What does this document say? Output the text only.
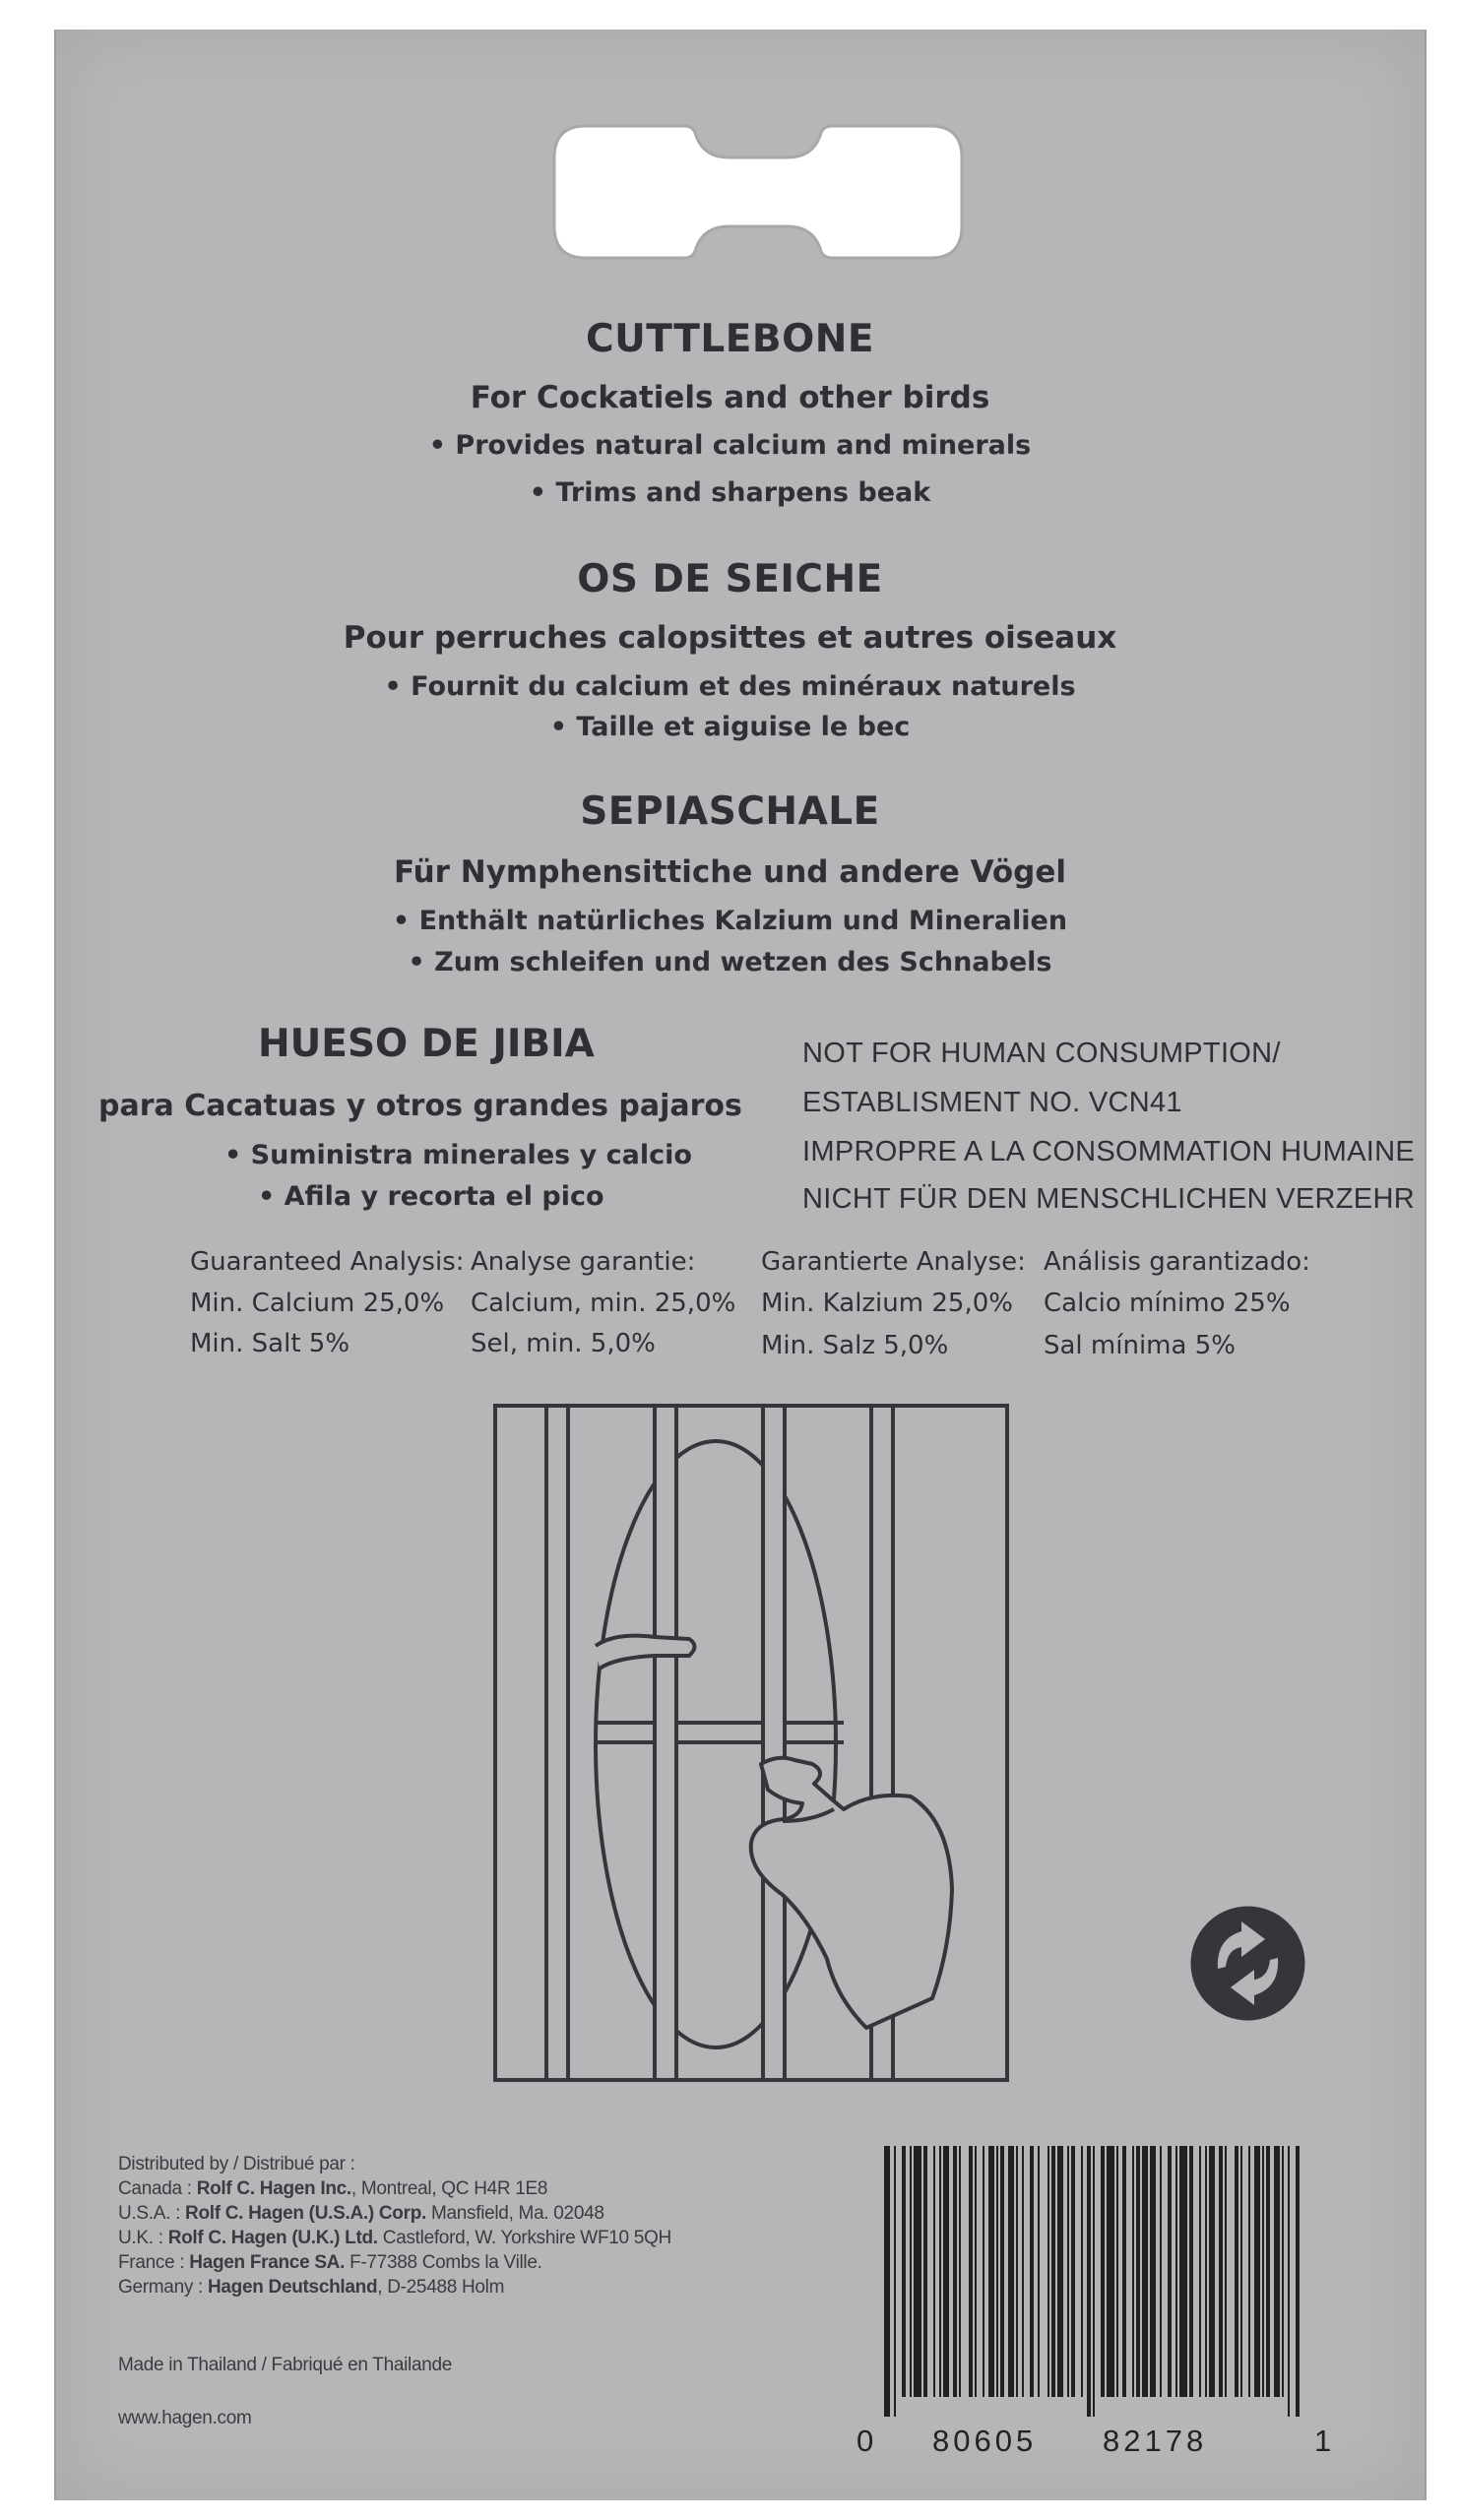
CUTTLEBONE
For Cockatiels and other birds
• Provides natural calcium and minerals
• Trims and sharpens beak
OS DE SEICHE
Pour perruches calopsittes et autres oiseaux
• Fournit du calcium et des minéraux naturels
• Taille et aiguise le bec
SEPIASCHALE
Für Nymphensittiche und andere Vögel
• Enthält natürliches Kalzium und Mineralien
• Zum schleifen und wetzen des Schnabels
HUESO DE JIBIA
para Cacatuas y otros grandes pajaros
• Suministra minerales y calcio
• Afila y recorta el pico
NOT FOR HUMAN CONSUMPTION/
ESTABLISMENT NO. VCN41
IMPROPRE A LA CONSOMMATION HUMAINE
NICHT FÜR DEN MENSCHLICHEN VERZEHR
Guaranteed Analysis:
Min. Calcium 25,0%
Min. Salt 5%
Analyse garantie:
Calcium, min. 25,0%
Sel, min. 5,0%
Garantierte Analyse:
Min. Kalzium 25,0%
Min. Salz 5,0%
Análisis garantizado:
Calcio mínimo 25%
Sal mínima 5%
Distributed by / Distribué par :
Canada : Rolf C. Hagen Inc., Montreal, QC H4R 1E8
U.S.A. : Rolf C. Hagen (U.S.A.) Corp. Mansfield, Ma. 02048
U.K. : Rolf C. Hagen (U.K.) Ltd. Castleford, W. Yorkshire WF10 5QH
France : Hagen France SA. F-77388 Combs la Ville.
Germany : Hagen Deutschland, D-25488 Holm
Made in Thailand / Fabriqué en Thailande
www.hagen.com
0 80605 82178	1
